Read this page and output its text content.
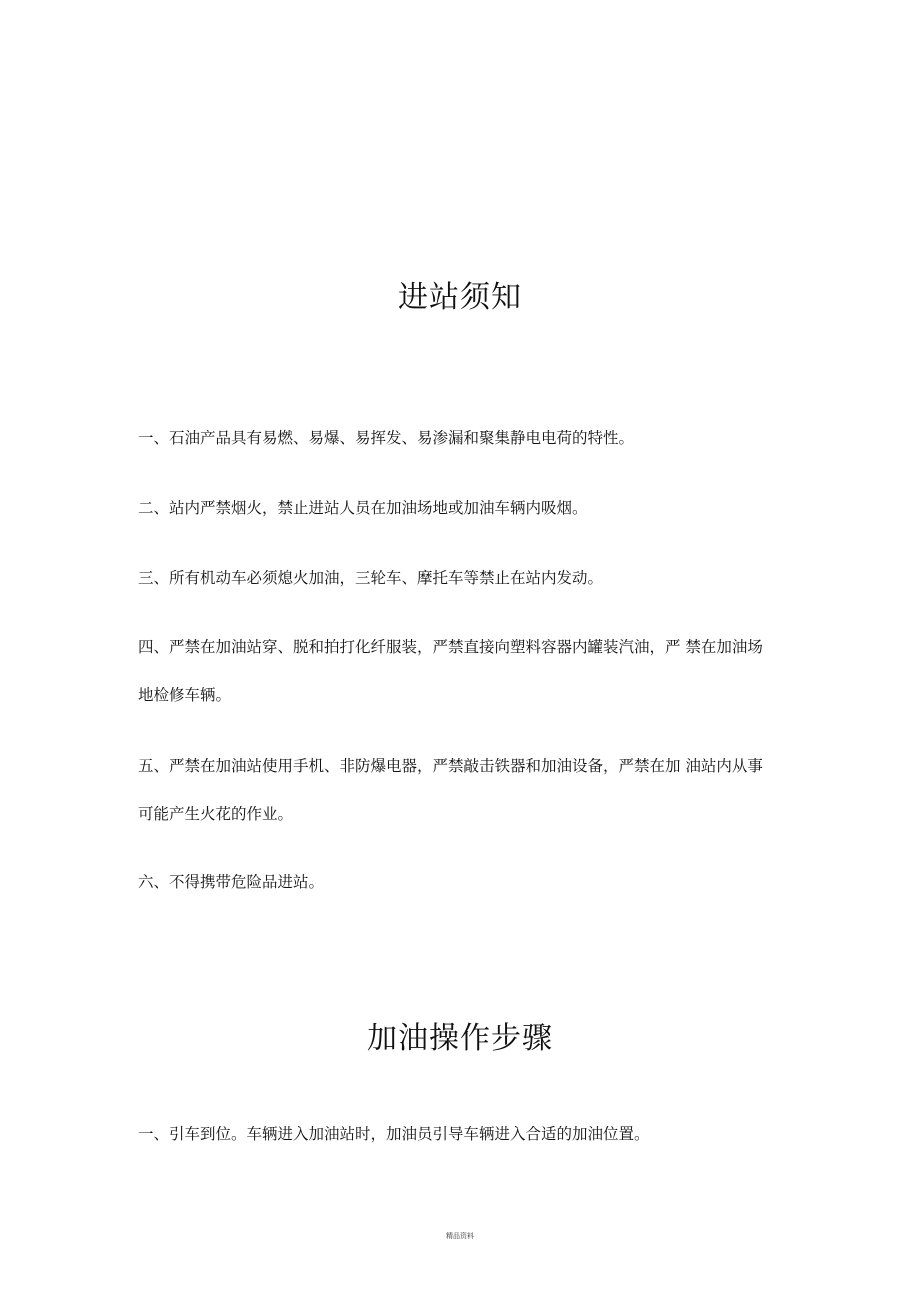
进站须知

一、石油产品具有易燃、易爆、易挥发、易渗漏和聚集静电电荷的特性。

二、站内严禁烟火，禁止进站人员在加油场地或加油车辆内吸烟。

三、所有机动车必须熄火加油，三轮车、摩托车等禁止在站内发动。

四、严禁在加油站穿、脱和拍打化纤服装，严禁直接向塑料容器内罐装汽油，严 禁在加油场地检修车辆。

五、严禁在加油站使用手机、非防爆电器，严禁敲击铁器和加油设备，严禁在加 油站内从事可能产生火花的作业。

六、不得携带危险品进站。

加油操作步骤

一、引车到位。车辆进入加油站时，加油员引导车辆进入合适的加油位置。

精品资料
